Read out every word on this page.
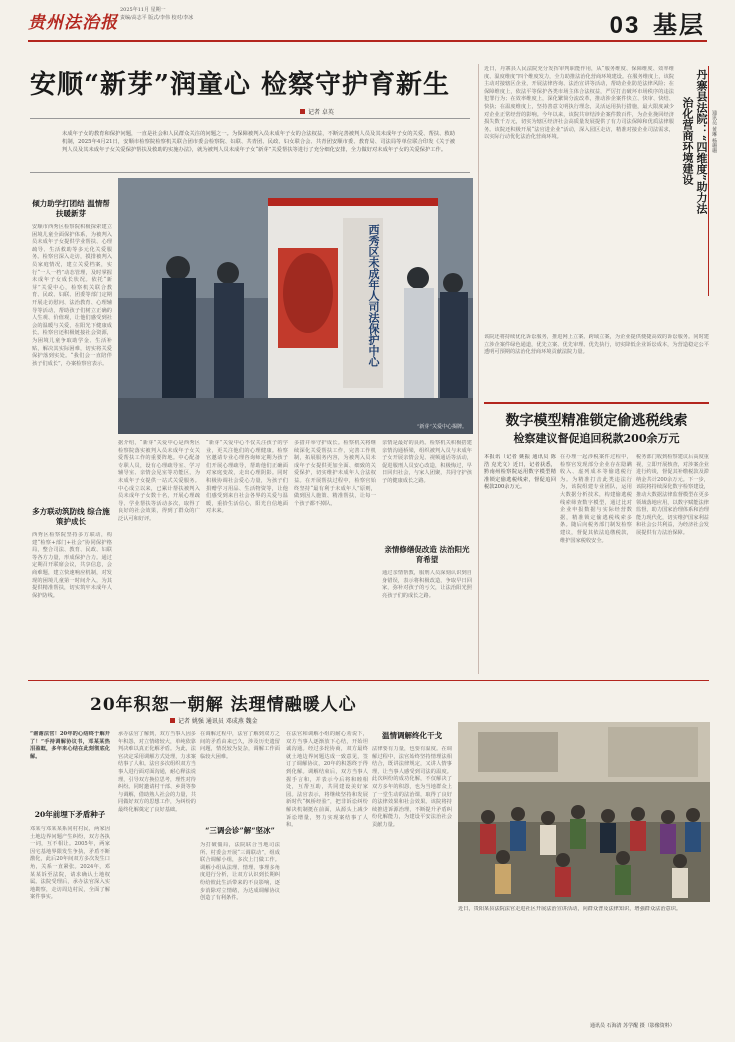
贵州法治报
2025年11月 星期一
责编/高志平 版式/李伟 校对/李冰	03 基层
安顺“新芽”润童心 检察守护育新生
记者 卓英
未成年子女的教育和保护问题，一直是社会和人民群众关注的问题之一。为保障被判入员未成年子女的合法权益，不断完善被判人员及其未成年子女的关爱、帮扶、救助机制，2025年4月21日，安顺市检察院检察机关联合团市委会检察院、妇联、共青团、民政、妇女联合会、共青团安顺市委、教育局、司法局等单位联合印发《关于被判人员及其未成年子女关爱保护帮扶及救助的实施办法》，就为被判人员未成年子女“新芽”关爱帮扶等进行了充分细化安排，全力做好对未成年子女的关爱保护工作。
倾力助学打团结 温情帮扶暖新芽
安顺市西秀区检察院积极探索建立困境儿童全面保护体系，为被判入员未成年子女提供学业帮扶、心理疏导、生活救助等多元化关爱服务。检察官深入走访，摸排被判入员家庭情况，建立关爱档案，实行“一人一档”动态管理，及时掌握未成年子女成长状况。依托“新芽”关爱中心，检察机关联合教育、民政、妇联、团委等部门定期开展走访慰问、法治教育、心理辅导等活动，帮助孩子们树立正确的人生观、价值观，让他们感受到社会的温暖与关爱，在阳光下健康成长。检察官还积极链接社会资源，为困境儿童争取助学金、生活补贴，解决其实际困难，切实将关爱保护落到实处。“我们会一直陪伴孩子们成长”，办案检察官表示。
多方联动筑防线 综合施策护成长
西秀区检察院坚持多方联动，构建“检察+部门+社会”协同保护格局，整合司法、教育、民政、妇联等各方力量，形成保护合力。通过定期召开联席会议，共享信息，会商难题，建立快速响应机制，对发现的困境儿童第一时间介入，为其提供精准帮扶，切实筑牢未成年人保护防线。
西秀区未成年人司法保护中心
“新芽”关爱中心揭牌。
据介绍，“新芽”关爱中心是西秀区检察院落实被判入员未成年子女关爱帮扶工作的重要阵地。中心配备专职人员，设有心理疏导室、学习辅导室、亲情会见室等功能区，为未成年子女提供一站式关爱服务。中心成立以来，已累计帮扶被判入员未成年子女数十名，开展心理疏导、学业帮扶等活动多次，取得了良好的社会效果，得到了群众的广泛认可和好评。
“新芽”关爱中心不仅关注孩子的学业，更关注他们的心理健康。检察官邀请专业心理咨询师定期为孩子们开展心理疏导，帮助他们正确面对家庭变故，走出心理阴影。同时积极协调社会爱心力量，为孩子们捐赠学习用品、生活物资等，让他们感受到来自社会各界的关爱与温暖，重拾生活信心，阳光自信地面对未来。
多措并举守护成长。检察机关将继续深化关爱帮扶工作，完善工作机制，拓展服务内容，为被判入员未成年子女提供更加全面、细致的关爱保护，切实维护未成年人合法权益。在开展帮扶过程中，检察官始终坚持“最有利于未成年人”原则，做到因人施策、精准帮扶，让每一个孩子都不掉队。
亲情修缮促改造 法治阳光育希望
亲情是最好的良药。检察机关积极搭建亲情沟通桥梁，组织被判入员与未成年子女开展亲情会见、视频通话等活动，促进服刑人员安心改造，积极悔过，早日回归社会，与家人团聚，共同守护孩子的健康成长之路。
通过亲情帮教，服刑人员深刻认识到自身错误，表示将积极改造，争取早日回家，弥补对孩子的亏欠，让法治阳光照亮孩子们的成长之路。
近日，丹寨县人民法院充分发挥审判职能作用，从“服务维度、保障维度、效率维度、温度维度”四个维度发力，全力助推法治化营商环境建设。在服务维度上，该院主动对接辖区企业，开展法律咨询、法治宣讲等活动，帮助企业防范法律风险；在保障维度上，依法平等保护各类市场主体合法权益，严厉打击破坏市场秩序的违法犯罪行为；在效率维度上，深化繁简分流改革，推动涉企案件快立、快审、快结、快执；在温度维度上，坚持善意文明执行理念，灵活运用执行措施，最大限度减少对企业正常经营的影响。今年以来，该院共审结涉企案件数百件，为企业挽回经济损失数千万元，切实为辖区经济社会高质量发展提供了有力司法保障和优质法律服务。该院还积极开展“法官进企业”活动，深入园区走访，精准对接企业司法需求，以实际行动优化法治化营商环境。	丹寨县法院：“四维度”助力法治化营商环境建设	通讯员 黄琳 杨珊珊
该院还将持续优化诉讼服务，推进网上立案、跨域立案，为企业提供便捷高效的诉讼服务。同时建立涉企案件绿色通道，优先立案、优先审理、优先执行，切实降低企业诉讼成本，为营造稳定公平透明可预期的法治化营商环境贡献法院力量。
数字模型精准锁定偷逃税线索
检察建议督促追回税款200余万元
本报讯（记者 姚振 通讯员 陈浩 克光文）近日，记者获悉，黔南州检察院运用数字模型精准锁定偷逃税线索，督促追回税款200余万元。
在办理一起涉税案件过程中，检察官发现部分企业存在隐瞒收入、虚列成本等偷逃税行为。为精准打击此类违法行为，该院组建专业团队，运用大数据分析技术，构建偷逃税线索筛查数字模型，通过比对企业申报数据与实际经营数据，精准锁定偷逃税线索多条。随后向税务部门制发检察建议，督促其依法追缴税款，维护国家税收安全。
税务部门收到检察建议后高度重视，立即开展核查，对涉案企业进行约谈，督促其补缴税款及滞纳金共计200余万元。下一步，该院将持续深化数字检察建设，推动大数据法律监督模型在更多领域落地应用，以数字赋能法律监督，助力国家治理体系和治理能力现代化，切实维护国家利益和社会公共利益，为经济社会发展提供有力法治保障。
20年积恕一朝解 法理情融暖人心
记者 姚强 通讯员 邓成燕 魏金
“谢谢法官！20年的心结终于解开了！”手持调解协议书，邓某某热泪盈眶，多年来心结在此刻彻底化解。
20年前埋下矛盾种子
邓某与邓某某系同村村民，两家因土地边界问题产生纠纷，双方各执一词，互不相让。2005年，两家因宅基地界限发生争执，矛盾不断激化，此后20年间双方多次发生口角，关系一直紧张。2024年，邓某某诉至法院，请求确认土地权属。法院受理后，承办法官深入实地勘察，走访周边村民，全面了解案件事实。
承办法官了解到，双方当事人因多年积怨，对立情绪较大，单纯依靠判决难以真正化解矛盾。为此，法官决定采用调解方式处理，力求案结事了人和。法官多次组织双方当事人进行面对面沟通，耐心释法说理，引导双方换位思考，理性对待纠纷。同时邀请村干部、乡贤等参与调解，借助熟人社会的力量，共同做好双方的思想工作，为纠纷的最终化解奠定了良好基础。
“三调会诊”解“坚冰”
在调解过程中，法官了解到双方之间的矛盾由来已久，涉及历史遗留问题，情况较为复杂，调解工作面临较大困难。
为打破僵局，法院联合当地司法所、村委会开展“三调联动”，组成联合调解小组，多次上门做工作。调解小组从法理、情理、事理多角度进行分析，让双方认识到长期纠纷给彼此生活带来的不良影响，逐步消除对立情绪，为达成调解协议创造了有利条件。
在法官和调解小组的耐心劝说下，双方当事人逐渐放下心结，开始坦诚沟通。经过多轮协商，双方最终就土地边界问题达成一致意见，签订了调解协议，20年的积怨终于得到化解。调解结束后，双方当事人握手言和，并表示今后将和睦相处，互帮互助，共同建设美好家园。法官表示，将继续坚持和发展新时代“枫桥经验”，把非诉讼纠纷解决机制挺在前面，从源头上减少诉讼增量，努力实现案结事了人和。
温情调解终化干戈
法律要有力量，也要有温度。在调解过程中，法官始终坚持情理法相结合，既讲法律规定，又讲人情事理，让当事人感受到司法的温度。此次纠纷的成功化解，不仅解决了双方多年的积怨，也为当地群众上了一堂生动的法治课，取得了良好的法律效果和社会效果。该院将持续推进诉源治理，不断提升矛盾纠纷化解能力，为建设平安法治社会贡献力量。
近日，贵阳某县法院法官走进社区开展法治宣讲活动，向群众普及法律知识，增强群众法治意识。
通讯员 石海清 苏学醒 摄（影像资料）
